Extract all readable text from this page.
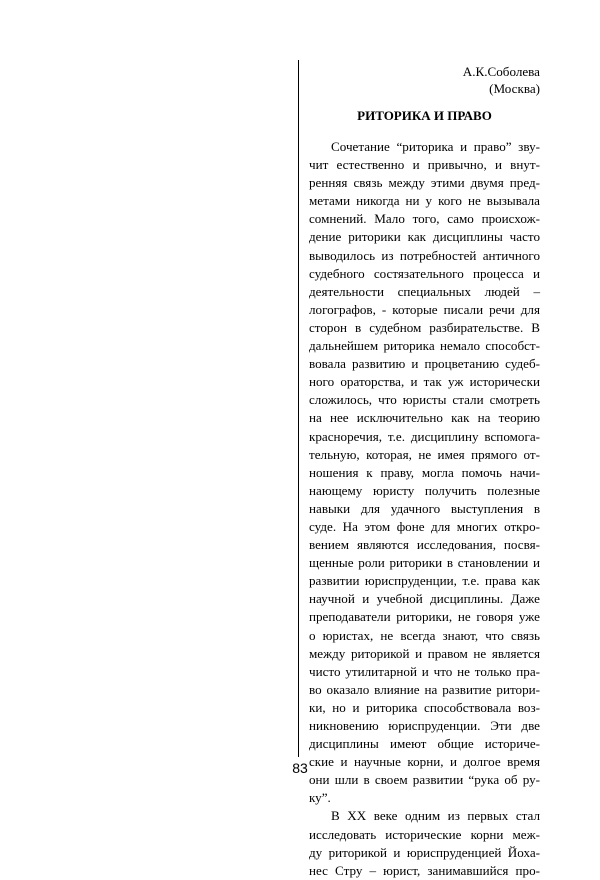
А.К.Соболева
(Москва)
РИТОРИКА И ПРАВО
Сочетание “риторика и право” зву-
чит естественно и привычно, и внут-
ренняя связь между этими двумя пред-
метами никогда ни у кого не вызывала
сомнений. Мало того, само происхож-
дение риторики как дисциплины часто
выводилось из потребностей античного
судебного состязательного процесса и
деятельности специальных людей –
логографов, - которые писали речи для
сторон в судебном разбирательстве. В
дальнейшем риторика немало способст-
вовала развитию и процветанию судеб-
ного ораторства, и так уж исторически
сложилось, что юристы стали смотреть
на нее исключительно как на теорию
красноречия, т.е. дисциплину вспомога-
тельную, которая, не имея прямого от-
ношения к праву, могла помочь начи-
нающему юристу получить полезные
навыки для удачного выступления в
суде. На этом фоне для многих откро-
вением являются исследования, посвя-
щенные роли риторики в становлении и
развитии юриспруденции, т.е. права как
научной и учебной дисциплины. Даже
преподаватели риторики, не говоря уже
о юристах, не всегда знают, что связь
между риторикой и правом не является
чисто утилитарной и что не только пра-
во оказало влияние на развитие ритори-
ки, но и риторика способствовала воз-
никновению юриспруденции. Эти две
дисциплины имеют общие историче-
ские и научные корни, и долгое время
они шли в своем развитии “рука об ру-
ку”.
В XX веке одним из первых стал
исследовать исторические корни меж-
ду риторикой и юриспруденцией Йоха-
нес Стру – юрист, занимавшийся про-
83
